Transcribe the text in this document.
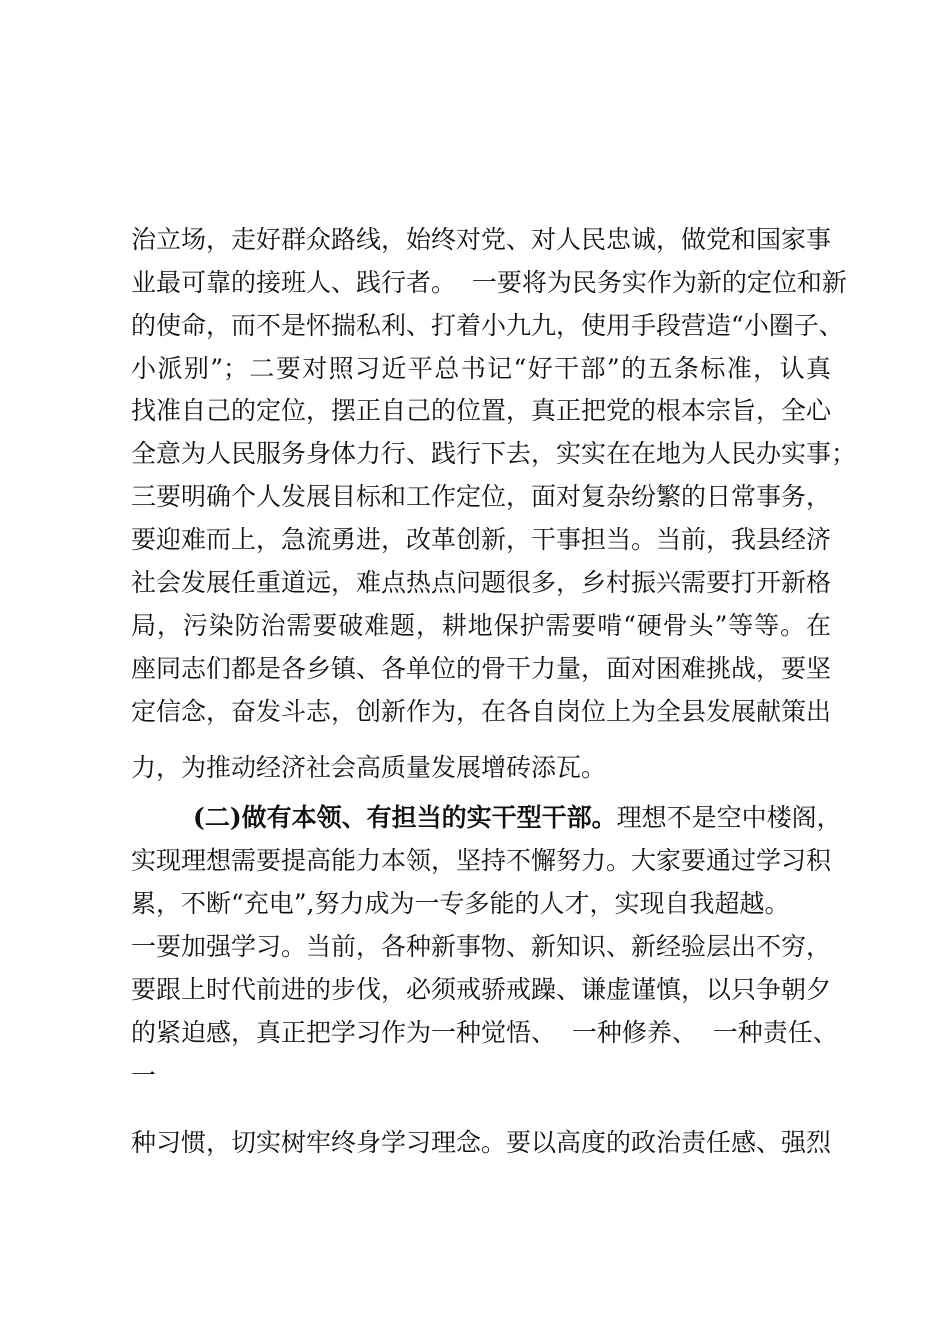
治立场，走好群众路线，始终对党、对人民忠诚，做党和国家事
业最可靠的接班人、践行者。  一要将为民务实作为新的定位和新
的使命，而不是怀揣私利、打着小九九，使用手段营造“小圈子、
小派别”；二要对照习近平总书记“好干部”的五条标准，认真
找准自己的定位，摆正自己的位置，真正把党的根本宗旨，全心
全意为人民服务身体力行、践行下去，实实在在地为人民办实事；
三要明确个人发展目标和工作定位，面对复杂纷繁的日常事务，
要迎难而上，急流勇进，改革创新，干事担当。当前，我县经济
社会发展任重道远，难点热点问题很多，乡村振兴需要打开新格
局，污染防治需要破难题，耕地保护需要啃“硬骨头”等等。在
座同志们都是各乡镇、各单位的骨干力量，面对困难挑战，要坚
定信念，奋发斗志，创新作为，在各自岗位上为全县发展献策出
力，为推动经济社会高质量发展增砖添瓦。
(二)做有本领、有担当的实干型干部。理想不是空中楼阁，
实现理想需要提高能力本领，坚持不懈努力。大家要通过学习积
累，不断“充电”,努力成为一专多能的人才，实现自我超越。
一要加强学习。当前，各种新事物、新知识、新经验层出不穷，
要跟上时代前进的步伐，必须戒骄戒躁、谦虚谨慎，以只争朝夕
的紧迫感，真正把学习作为一种觉悟、  一种修养、  一种责任、
一
种习惯，切实树牢终身学习理念。要以高度的政治责任感、强烈
